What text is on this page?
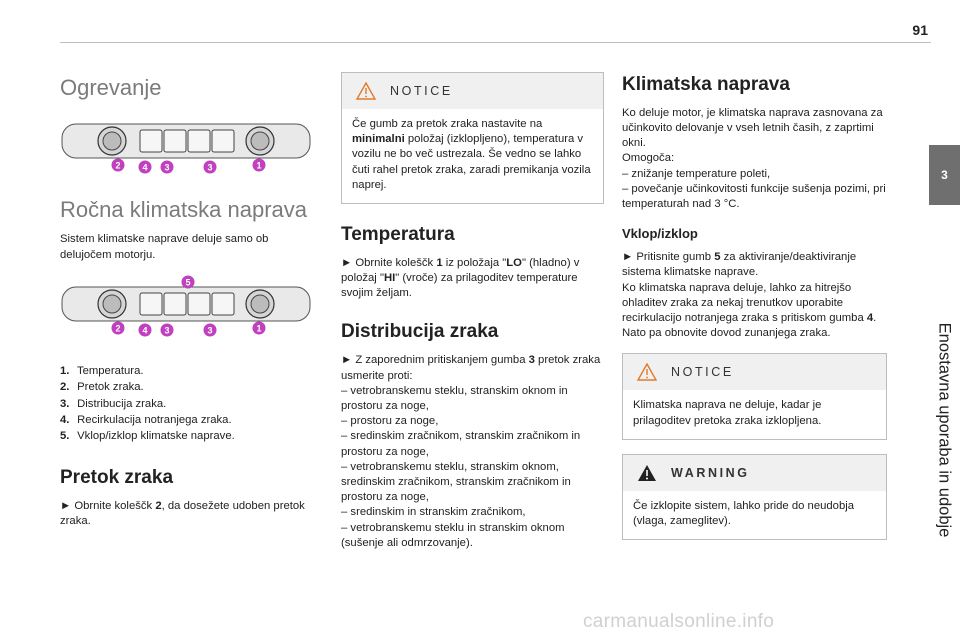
91
3
Enostavna uporaba in udobje
Ogrevanje
2 4 3	3	1
Ročna klimatska naprava

Sistem klimatske naprave deluje samo ob delujočem motorju.

5
2 4 3	3	1
1. Temperatura.
2. Pretok zraka.
3. Distribucija zraka.
4. Recirkulacija notranjega zraka.
5. Vklop/izklop klimatske naprave.
Pretok zraka

► Obrnite koleščk 2, da dosežete udoben pretok zraka.

NOTICE

Če gumb za pretok zraka nastavite na minimalni položaj (izklopljeno), temperatura v vozilu ne bo več ustrezala. Še vedno se lahko čuti rahel pretok zraka, zaradi premikanja vozila naprej.

Temperatura

► Obrnite koleščk 1 iz položaja "LO" (hladno) v položaj "HI" (vroče) za prilagoditev temperature svojim željam.

Distribucija zraka

► Z zaporednim pritiskanjem gumba 3 pretok zraka usmerite proti:

– vetrobranskemu steklu, stranskim oknom in prostoru za noge,

– prostoru za noge,

– sredinskim zračnikom, stranskim zračnikom in prostoru za noge,

– vetrobranskemu steklu, stranskim oknom, sredinskim zračnikom, stranskim zračnikom in prostoru za noge,

– sredinskim in stranskim zračnikom,

– vetrobranskemu steklu in stranskim oknom (sušenje ali odmrzovanje).

Klimatska naprava

Ko deluje motor, je klimatska naprava zasnovana za učinkovito delovanje v vseh letnih časih, z zaprtimi okni.

Omogoča:

– znižanje temperature poleti,

– povečanje učinkovitosti funkcije sušenja pozimi, pri temperaturah nad 3 °C.

Vklop/izklop

► Pritisnite gumb 5 za aktiviranje/deaktiviranje sistema klimatske naprave.

Ko klimatska naprava deluje, lahko za hitrejšo ohladitev zraka za nekaj trenutkov uporabite recirkulacijo notranjega zraka s pritiskom gumba 4. Nato pa obnovite dovod zunanjega zraka.

NOTICE

Klimatska naprava ne deluje, kadar je prilagoditev pretoka zraka izklopljena.

WARNING

Če izklopite sistem, lahko pride do neudobja (vlaga, zameglitev).

carmanualsonline.info
